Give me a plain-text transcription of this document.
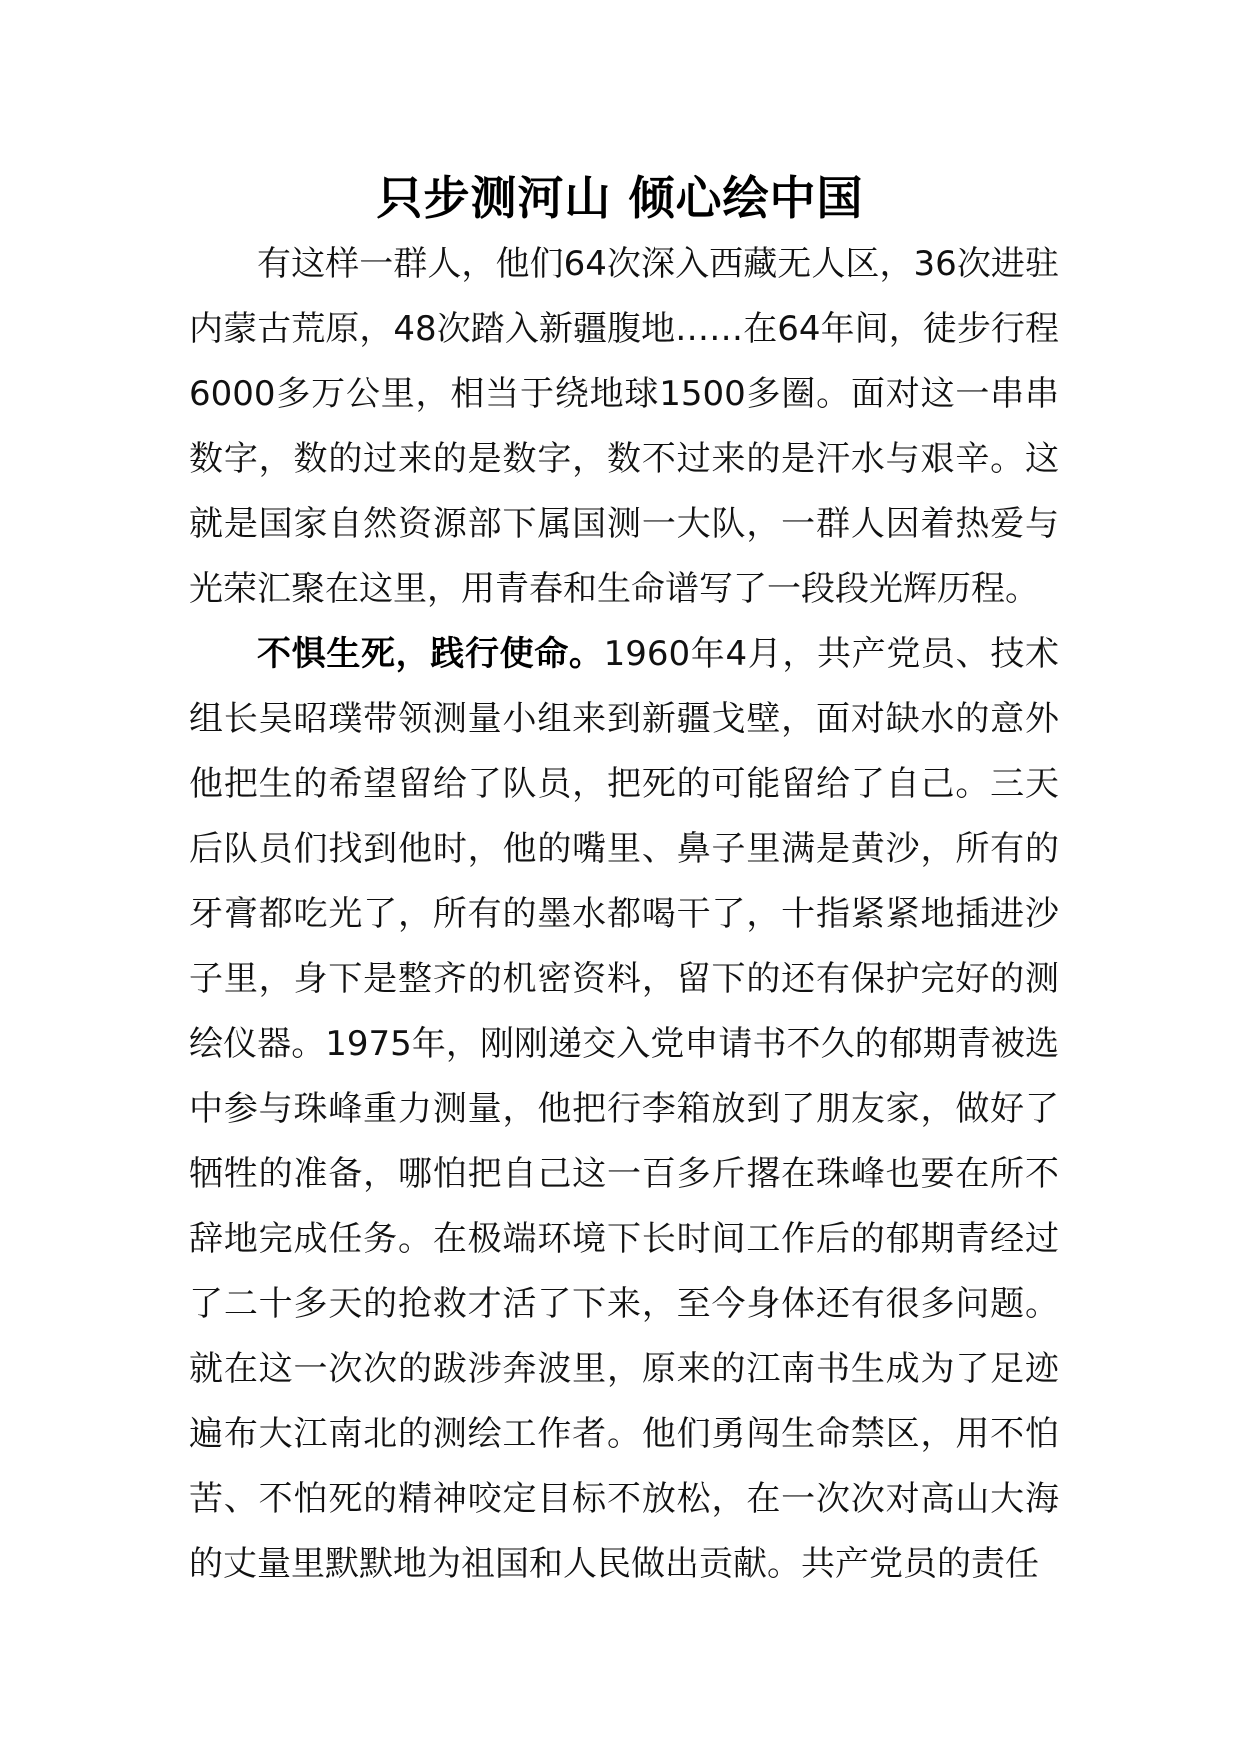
只步测河山 倾心绘中国

有这样一群人，他们64次深入西藏无人区，36次进驻内蒙古荒原，48次踏入新疆腹地……在64年间，徒步行程6000多万公里，相当于绕地球1500多圈。面对这一串串数字，数的过来的是数字，数不过来的是汗水与艰辛。这就是国家自然资源部下属国测一大队，一群人因着热爱与光荣汇聚在这里，用青春和生命谱写了一段段光辉历程。

不惧生死，践行使命。1960年4月，共产党员、技术组长吴昭璞带领测量小组来到新疆戈壁，面对缺水的意外他把生的希望留给了队员，把死的可能留给了自己。三天后队员们找到他时，他的嘴里、鼻子里满是黄沙，所有的牙膏都吃光了，所有的墨水都喝干了，十指紧紧地插进沙子里，身下是整齐的机密资料，留下的还有保护完好的测绘仪器。1975年，刚刚递交入党申请书不久的郁期青被选中参与珠峰重力测量，他把行李箱放到了朋友家，做好了牺牲的准备，哪怕把自己这一百多斤撂在珠峰也要在所不辞地完成任务。在极端环境下长时间工作后的郁期青经过了二十多天的抢救才活了下来，至今身体还有很多问题。就在这一次次的跋涉奔波里，原来的江南书生成为了足迹遍布大江南北的测绘工作者。他们勇闯生命禁区，用不怕苦、不怕死的精神咬定目标不放松，在一次次对高山大海的丈量里默默地为祖国和人民做出贡献。共产党员的责任
